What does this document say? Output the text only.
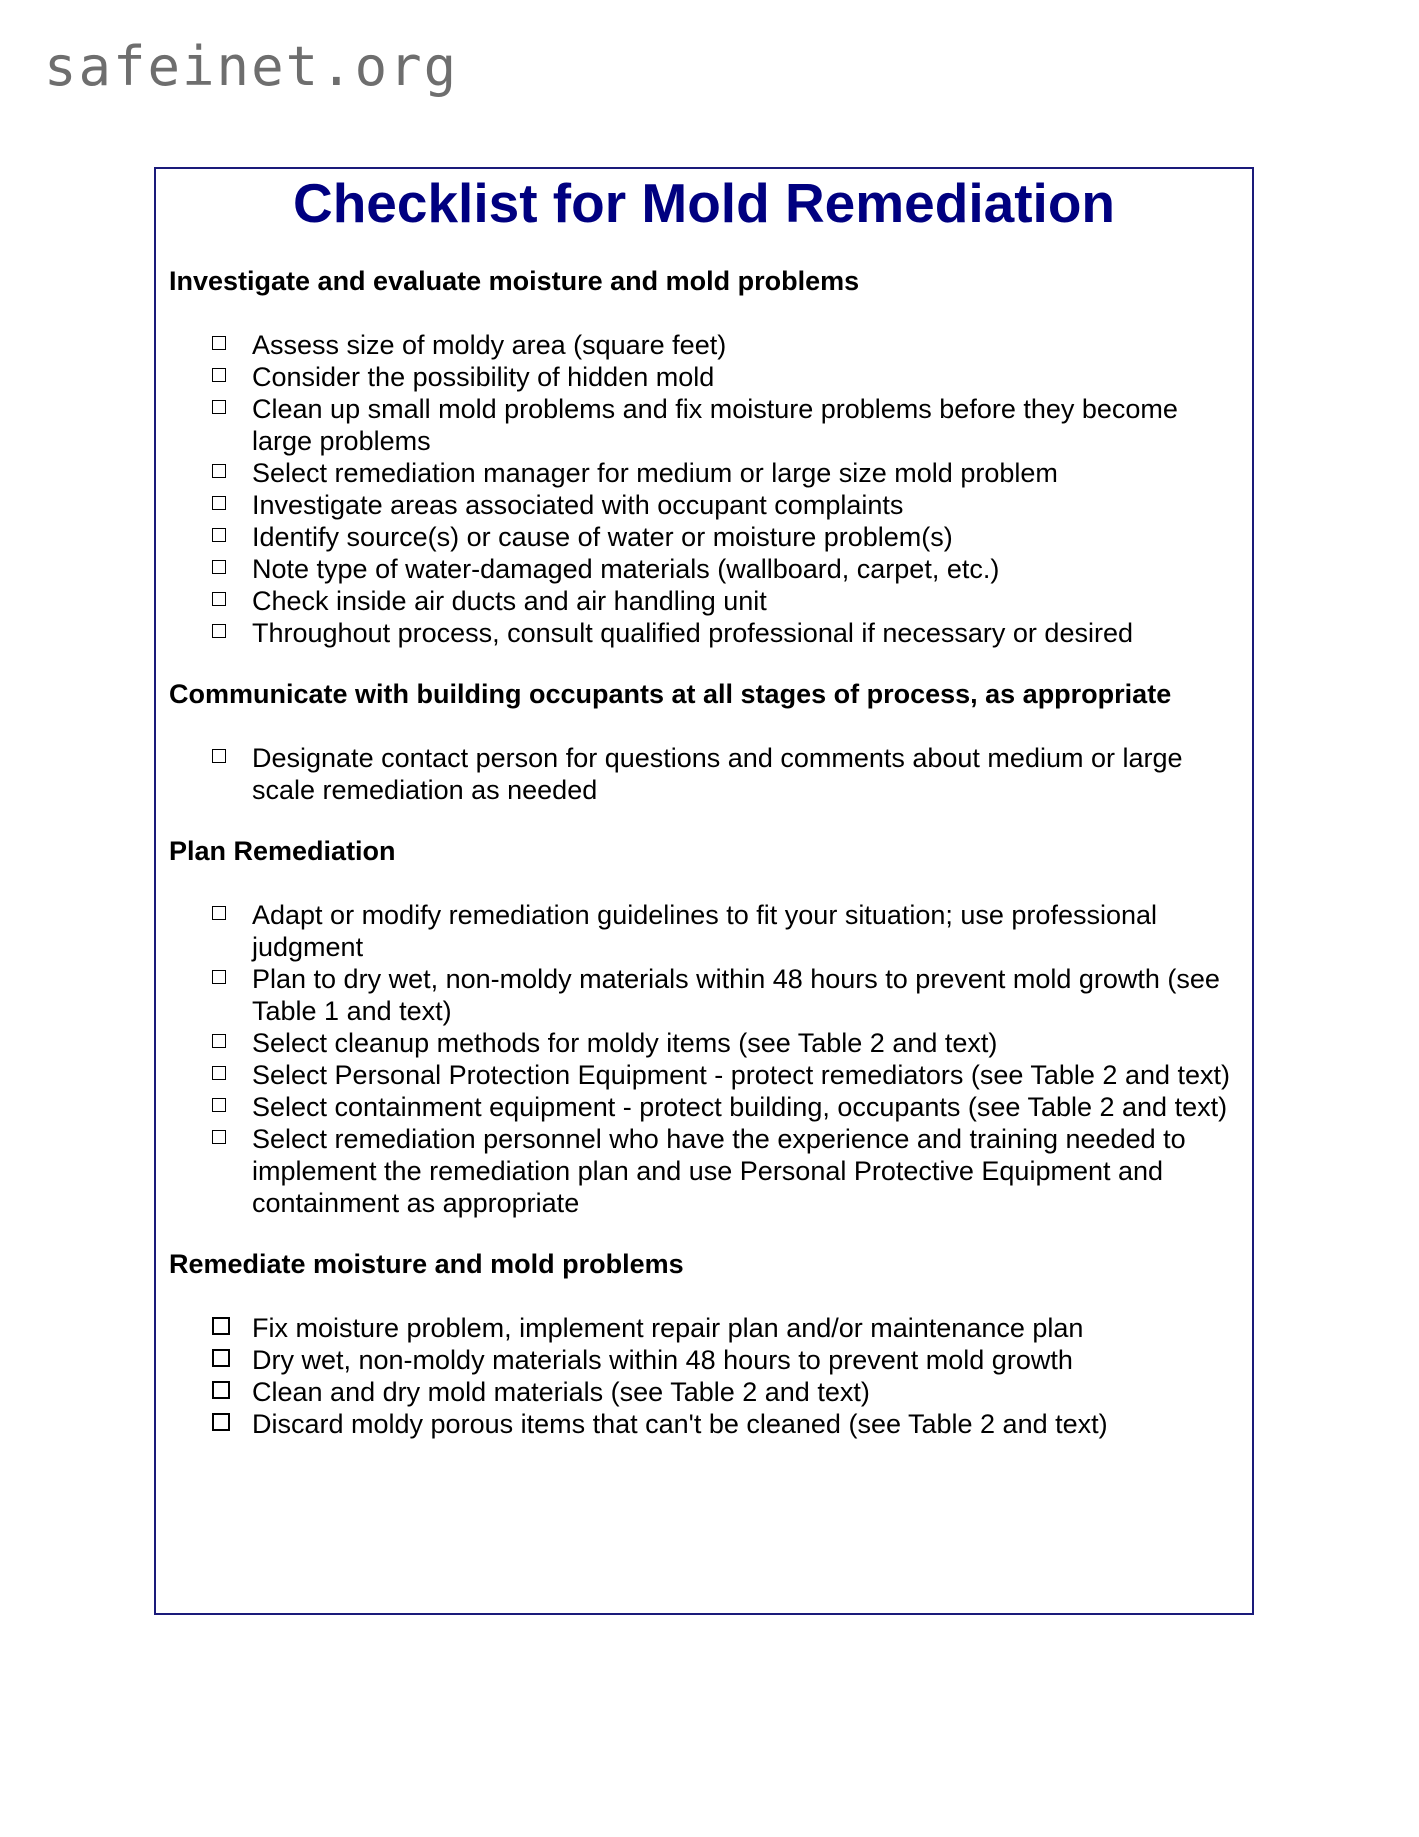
safeinet.org
Checklist for Mold Remediation
Investigate and evaluate moisture and mold problems
Assess size of moldy area (square feet)
Consider the possibility of hidden mold
Clean up small mold problems and fix moisture problems before they become large problems
Select remediation manager for medium or large size mold problem
Investigate areas associated with occupant complaints
Identify source(s) or cause of water or moisture problem(s)
Note type of water-damaged materials (wallboard, carpet, etc.)
Check inside air ducts and air handling unit
Throughout process, consult qualified professional if necessary or desired
Communicate with building occupants at all stages of process, as appropriate
Designate contact person for questions and comments about medium or large scale remediation as needed
Plan Remediation
Adapt or modify remediation guidelines to fit your situation; use professional judgment
Plan to dry wet, non-moldy materials within 48 hours to prevent mold growth (see Table 1 and text)
Select cleanup methods for moldy items (see Table 2 and text)
Select Personal Protection Equipment - protect remediators (see Table 2 and text)
Select containment equipment - protect building, occupants (see Table 2 and text)
Select remediation personnel who have the experience and training needed to implement the remediation plan and use Personal Protective Equipment and containment as appropriate
Remediate moisture and mold problems
Fix moisture problem, implement repair plan and/or maintenance plan
Dry wet, non-moldy materials within 48 hours to prevent mold growth
Clean and dry mold materials (see Table 2 and text)
Discard moldy porous items that can't be cleaned (see Table 2 and text)
